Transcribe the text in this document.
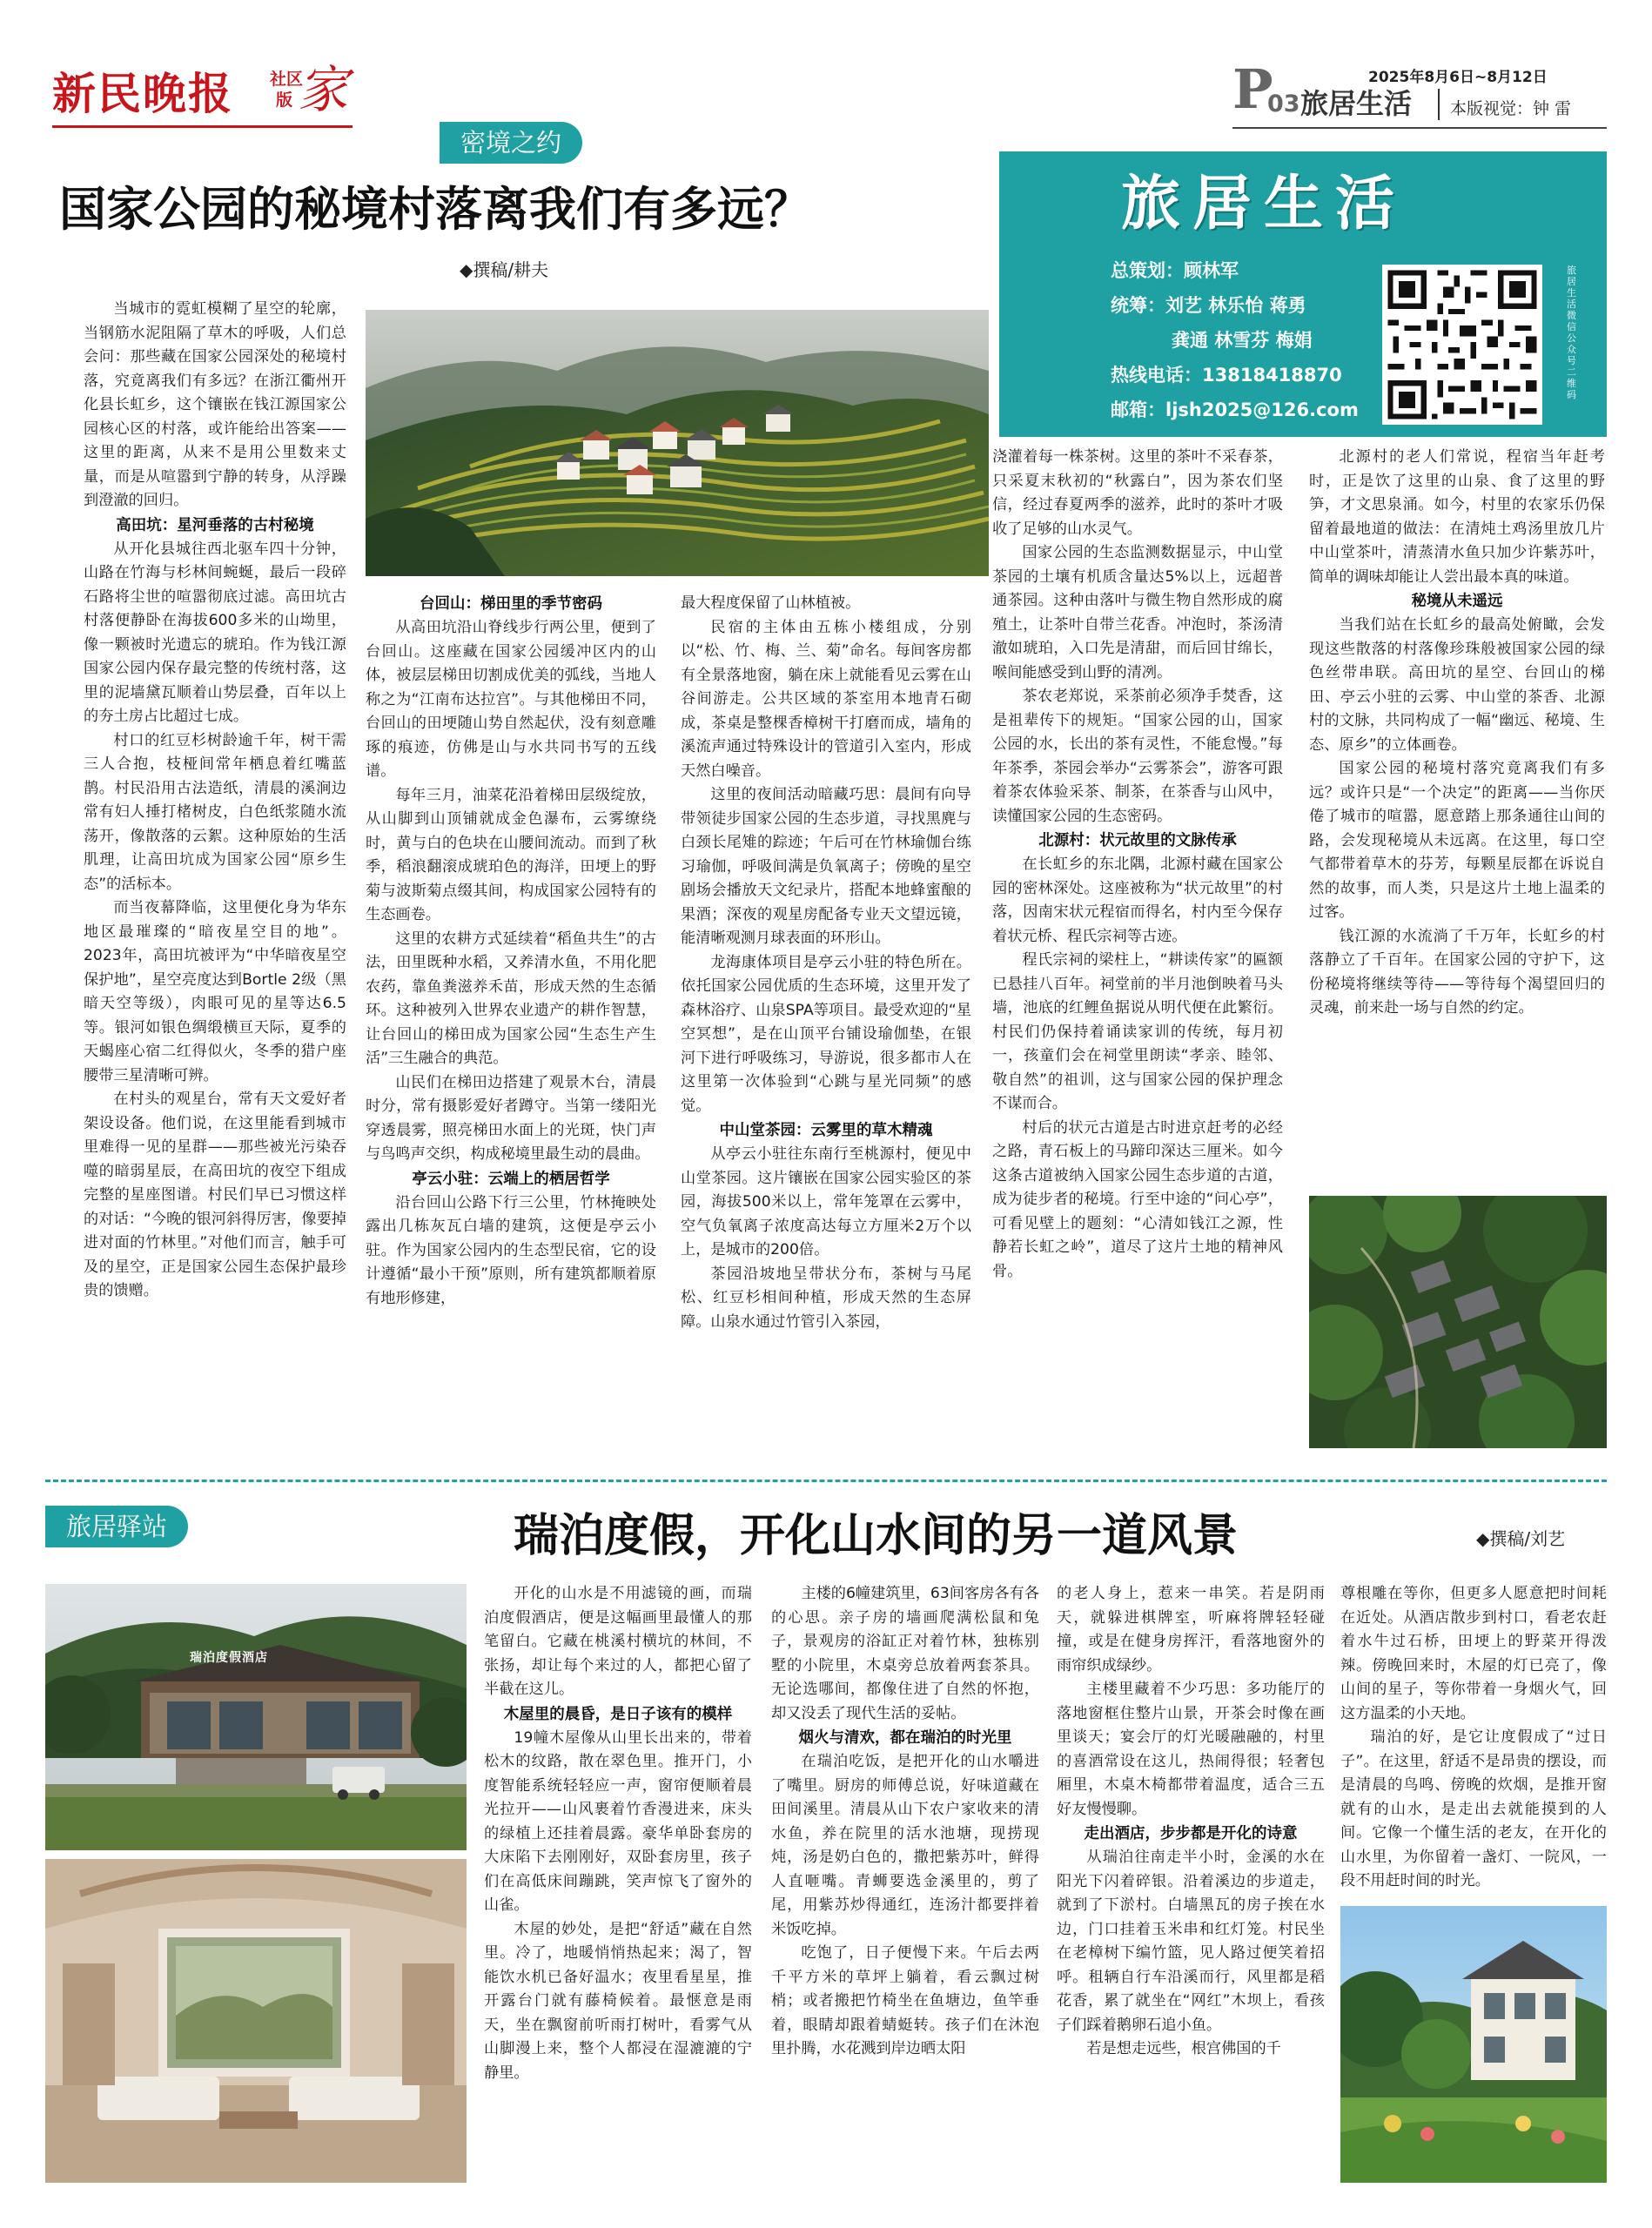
新民晚报 社区
版 家	2025年8月6日~8月12日
P
03 旅居生活 本版视觉：钟 雷
密境之约
国家公园的秘境村落离我们有多远？
◆撰稿/耕夫
旅居生活
总策划：顾林军
统筹：刘艺 林乐怡 蒋勇
龚通 林雪芬 梅娟
热线电话：13818418870
邮箱：ljsh2025@126.com
旅居生活微信公众号二维码

当城市的霓虹模糊了星空的轮廓，当钢筋水泥阻隔了草木的呼吸，人们总会问：那些藏在国家公园深处的秘境村落，究竟离我们有多远？在浙江衢州开化县长虹乡，这个镶嵌在钱江源国家公园核心区的村落，或许能给出答案——这里的距离，从来不是用公里数来丈量，而是从喧嚣到宁静的转身，从浮躁到澄澈的回归。

高田坑：星河垂落的古村秘境

从开化县城往西北驱车四十分钟，山路在竹海与杉林间蜿蜒，最后一段碎石路将尘世的喧嚣彻底过滤。高田坑古村落便静卧在海拔600多米的山坳里，像一颗被时光遗忘的琥珀。作为钱江源国家公园内保存最完整的传统村落，这里的泥墙黛瓦顺着山势层叠，百年以上的夯土房占比超过七成。

村口的红豆杉树龄逾千年，树干需三人合抱，枝桠间常年栖息着红嘴蓝鹊。村民沿用古法造纸，清晨的溪涧边常有妇人捶打楮树皮，白色纸浆随水流荡开，像散落的云絮。这种原始的生活肌理，让高田坑成为国家公园“原乡生态”的活标本。

而当夜幕降临，这里便化身为华东地区最璀璨的“暗夜星空目的地”。2023年，高田坑被评为“中华暗夜星空保护地”，星空亮度达到Bortle 2级（黑暗天空等级），肉眼可见的星等达6.5等。银河如银色绸缎横亘天际，夏季的天蝎座心宿二红得似火，冬季的猎户座腰带三星清晰可辨。

在村头的观星台，常有天文爱好者架设设备。他们说，在这里能看到城市里难得一见的星群——那些被光污染吞噬的暗弱星辰，在高田坑的夜空下组成完整的星座图谱。村民们早已习惯这样的对话：“今晚的银河斜得厉害，像要掉进对面的竹林里。”对他们而言，触手可及的星空，正是国家公园生态保护最珍贵的馈赠。

台回山：梯田里的季节密码

从高田坑沿山脊线步行两公里，便到了台回山。这座藏在国家公园缓冲区内的山体，被层层梯田切割成优美的弧线，当地人称之为“江南布达拉宫”。与其他梯田不同，台回山的田埂随山势自然起伏，没有刻意雕琢的痕迹，仿佛是山与水共同书写的五线谱。

每年三月，油菜花沿着梯田层级绽放，从山脚到山顶铺就成金色瀑布，云雾缭绕时，黄与白的色块在山腰间流动。而到了秋季，稻浪翻滚成琥珀色的海洋，田埂上的野菊与波斯菊点缀其间，构成国家公园特有的生态画卷。

这里的农耕方式延续着“稻鱼共生”的古法，田里既种水稻，又养清水鱼，不用化肥农药，靠鱼粪滋养禾苗，形成天然的生态循环。这种被列入世界农业遗产的耕作智慧，让台回山的梯田成为国家公园“生态生产生活”三生融合的典范。

山民们在梯田边搭建了观景木台，清晨时分，常有摄影爱好者蹲守。当第一缕阳光穿透晨雾，照亮梯田水面上的光斑，快门声与鸟鸣声交织，构成秘境里最生动的晨曲。

亭云小驻：云端上的栖居哲学

沿台回山公路下行三公里，竹林掩映处露出几栋灰瓦白墙的建筑，这便是亭云小驻。作为国家公园内的生态型民宿，它的设计遵循“最小干预”原则，所有建筑都顺着原有地形修建，

最大程度保留了山林植被。

民宿的主体由五栋小楼组成，分别以“松、竹、梅、兰、菊”命名。每间客房都有全景落地窗，躺在床上就能看见云雾在山谷间游走。公共区域的茶室用本地青石砌成，茶桌是整棵香樟树干打磨而成，墙角的溪流声通过特殊设计的管道引入室内，形成天然白噪音。

这里的夜间活动暗藏巧思：晨间有向导带领徒步国家公园的生态步道，寻找黑麂与白颈长尾雉的踪迹；午后可在竹林瑜伽台练习瑜伽，呼吸间满是负氧离子；傍晚的星空剧场会播放天文纪录片，搭配本地蜂蜜酿的果酒；深夜的观星房配备专业天文望远镜，能清晰观测月球表面的环形山。

龙海康体项目是亭云小驻的特色所在。依托国家公园优质的生态环境，这里开发了森林浴疗、山泉SPA等项目。最受欢迎的“星空冥想”，是在山顶平台铺设瑜伽垫，在银河下进行呼吸练习，导游说，很多都市人在这里第一次体验到“心跳与星光同频”的感觉。

中山堂茶园：云雾里的草木精魂

从亭云小驻往东南行至桃源村，便见中山堂茶园。这片镶嵌在国家公园实验区的茶园，海拔500米以上，常年笼罩在云雾中，空气负氧离子浓度高达每立方厘米2万个以上，是城市的200倍。

茶园沿坡地呈带状分布，茶树与马尾松、红豆杉相间种植，形成天然的生态屏障。山泉水通过竹管引入茶园，

浇灌着每一株茶树。这里的茶叶不采春茶，只采夏末秋初的“秋露白”，因为茶农们坚信，经过春夏两季的滋养，此时的茶叶才吸收了足够的山水灵气。

国家公园的生态监测数据显示，中山堂茶园的土壤有机质含量达5%以上，远超普通茶园。这种由落叶与微生物自然形成的腐殖土，让茶叶自带兰花香。冲泡时，茶汤清澈如琥珀，入口先是清甜，而后回甘绵长，喉间能感受到山野的清冽。

茶农老郑说，采茶前必须净手焚香，这是祖辈传下的规矩。“国家公园的山，国家公园的水，长出的茶有灵性，不能怠慢。”每年茶季，茶园会举办“云雾茶会”，游客可跟着茶农体验采茶、制茶，在茶香与山风中，读懂国家公园的生态密码。

北源村：状元故里的文脉传承

在长虹乡的东北隅，北源村藏在国家公园的密林深处。这座被称为“状元故里”的村落，因南宋状元程宿而得名，村内至今保存着状元桥、程氏宗祠等古迹。

程氏宗祠的梁柱上，“耕读传家”的匾额已悬挂八百年。祠堂前的半月池倒映着马头墙，池底的红鲤鱼据说从明代便在此繁衍。村民们仍保持着诵读家训的传统，每月初一，孩童们会在祠堂里朗读“孝亲、睦邻、敬自然”的祖训，这与国家公园的保护理念不谋而合。

村后的状元古道是古时进京赶考的必经之路，青石板上的马蹄印深达三厘米。如今这条古道被纳入国家公园生态步道的古道，成为徒步者的秘境。行至中途的“问心亭”，可看见壁上的题刻：“心清如钱江之源，性静若长虹之岭”，道尽了这片土地的精神风骨。

北源村的老人们常说，程宿当年赶考时，正是饮了这里的山泉、食了这里的野笋，才文思泉涌。如今，村里的农家乐仍保留着最地道的做法：在清炖土鸡汤里放几片中山堂茶叶，清蒸清水鱼只加少许紫苏叶，简单的调味却能让人尝出最本真的味道。

秘境从未遥远

当我们站在长虹乡的最高处俯瞰，会发现这些散落的村落像珍珠般被国家公园的绿色丝带串联。高田坑的星空、台回山的梯田、亭云小驻的云雾、中山堂的茶香、北源村的文脉，共同构成了一幅“幽远、秘境、生态、原乡”的立体画卷。

国家公园的秘境村落究竟离我们有多远？或许只是“一个决定”的距离——当你厌倦了城市的喧嚣，愿意踏上那条通往山间的路，会发现秘境从未远离。在这里，每口空气都带着草木的芬芳，每颗星辰都在诉说自然的故事，而人类，只是这片土地上温柔的过客。

钱江源的水流淌了千万年，长虹乡的村落静立了千百年。在国家公园的守护下，这份秘境将继续等待——等待每个渴望回归的灵魂，前来赴一场与自然的约定。

旅居驿站	瑞泊度假，开化山水间的另一道风景	◆撰稿/刘艺
瑞泊度假酒店

开化的山水是不用滤镜的画，而瑞泊度假酒店，便是这幅画里最懂人的那笔留白。它藏在桃溪村横坑的林间，不张扬，却让每个来过的人，都把心留了半截在这儿。

木屋里的晨昏，是日子该有的模样

19幢木屋像从山里长出来的，带着松木的纹路，散在翠色里。推开门，小度智能系统轻轻应一声，窗帘便顺着晨光拉开——山风裹着竹香漫进来，床头的绿植上还挂着晨露。豪华单卧套房的大床陷下去刚刚好，双卧套房里，孩子们在高低床间蹦跳，笑声惊飞了窗外的山雀。

木屋的妙处，是把“舒适”藏在自然里。冷了，地暖悄悄热起来；渴了，智能饮水机已备好温水；夜里看星星，推开露台门就有藤椅候着。最惬意是雨天，坐在飘窗前听雨打树叶，看雾气从山脚漫上来，整个人都浸在湿漉漉的宁静里。

主楼的6幢建筑里，63间客房各有各的心思。亲子房的墙画爬满松鼠和兔子，景观房的浴缸正对着竹林，独栋别墅的小院里，木桌旁总放着两套茶具。无论选哪间，都像住进了自然的怀抱，却又没丢了现代生活的妥帖。

烟火与清欢，都在瑞泊的时光里

在瑞泊吃饭，是把开化的山水嚼进了嘴里。厨房的师傅总说，好味道藏在田间溪里。清晨从山下农户家收来的清水鱼，养在院里的活水池塘，现捞现炖，汤是奶白色的，撒把紫苏叶，鲜得人直咂嘴。青蛳要选金溪里的，剪了尾，用紫苏炒得通红，连汤汁都要拌着米饭吃掉。

吃饱了，日子便慢下来。午后去两千平方米的草坪上躺着，看云飘过树梢；或者搬把竹椅坐在鱼塘边，鱼竿垂着，眼睛却跟着蜻蜓转。孩子们在沐泡里扑腾，水花溅到岸边晒太阳

的老人身上，惹来一串笑。若是阴雨天，就躲进棋牌室，听麻将牌轻轻碰撞，或是在健身房挥汗，看落地窗外的雨帘织成绿纱。

主楼里藏着不少巧思：多功能厅的落地窗框住整片山景，开茶会时像在画里谈天；宴会厅的灯光暖融融的，村里的喜酒常设在这儿，热闹得很；轻奢包厢里，木桌木椅都带着温度，适合三五好友慢慢聊。

走出酒店，步步都是开化的诗意

从瑞泊往南走半小时，金溪的水在阳光下闪着碎银。沿着溪边的步道走，就到了下淤村。白墙黑瓦的房子挨在水边，门口挂着玉米串和红灯笼。村民坐在老樟树下编竹篮，见人路过便笑着招呼。租辆自行车沿溪而行，风里都是稻花香，累了就坐在“网红”木坝上，看孩子们踩着鹅卵石追小鱼。

若是想走远些，根宫佛国的千

尊根雕在等你，但更多人愿意把时间耗在近处。从酒店散步到村口，看老农赶着水牛过石桥，田埂上的野菜开得泼辣。傍晚回来时，木屋的灯已亮了，像山间的星子，等你带着一身烟火气，回这方温柔的小天地。

瑞泊的好，是它让度假成了“过日子”。在这里，舒适不是昂贵的摆设，而是清晨的鸟鸣、傍晚的炊烟，是推开窗就有的山水，是走出去就能摸到的人间。它像一个懂生活的老友，在开化的山水里，为你留着一盏灯、一院风，一段不用赶时间的时光。
